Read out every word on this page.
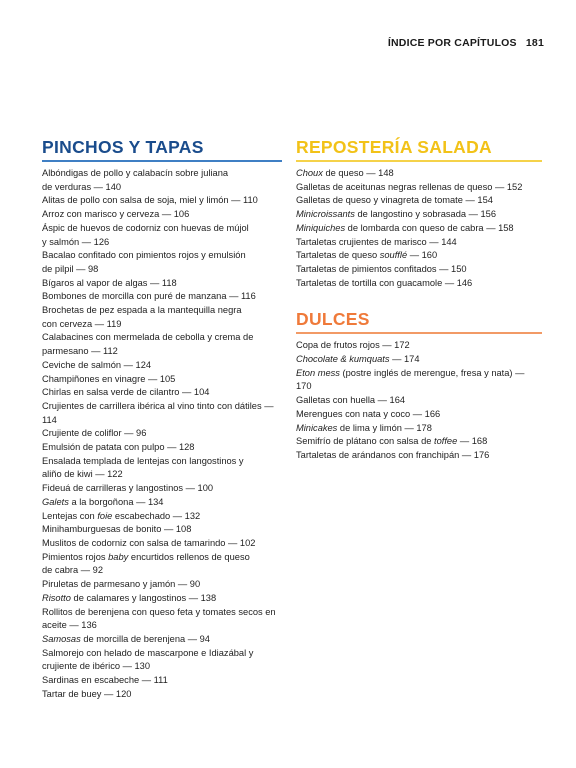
ÍNDICE POR CAPÍTULOS 181
PINCHOS Y TAPAS
Albóndigas de pollo y calabacín sobre juliana
de verduras — 140
Alitas de pollo con salsa de soja, miel y limón — 110
Arroz con marisco y cerveza — 106
Áspic de huevos de codorniz con huevas de mújol
y salmón — 126
Bacalao confitado con pimientos rojos y emulsión
de pilpil — 98
Bígaros al vapor de algas — 118
Bombones de morcilla con puré de manzana — 116
Brochetas de pez espada a la mantequilla negra
con cerveza — 119
Calabacines con mermelada de cebolla y crema de
parmesano — 112
Ceviche de salmón — 124
Champiñones en vinagre — 105
Chirlas en salsa verde de cilantro — 104
Crujientes de carrillera ibérica al vino tinto con dátiles — 114
Crujiente de coliflor — 96
Emulsión de patata con pulpo — 128
Ensalada templada de lentejas con langostinos y
aliño de kiwi — 122
Fideuá de carrilleras y langostinos — 100
Galets a la borgoñona — 134
Lentejas con foie escabechado — 132
Minihamburguesas de bonito — 108
Muslitos de codorniz con salsa de tamarindo — 102
Pimientos rojos baby encurtidos rellenos de queso
de cabra — 92
Piruletas de parmesano y jamón — 90
Risotto de calamares y langostinos — 138
Rollitos de berenjena con queso feta y tomates secos en
aceite — 136
Samosas de morcilla de berenjena — 94
Salmorejo con helado de mascarpone e Idiazábal y
crujiente de ibérico — 130
Sardinas en escabeche — 111
Tartar de buey — 120
REPOSTERÍA SALADA
Choux de queso — 148
Galletas de aceitunas negras rellenas de queso — 152
Galletas de queso y vinagreta de tomate — 154
Minicroissants de langostino y sobrasada — 156
Miniquiches de lombarda con queso de cabra — 158
Tartaletas crujientes de marisco — 144
Tartaletas de queso soufflé — 160
Tartaletas de pimientos confitados — 150
Tartaletas de tortilla con guacamole — 146
DULCES
Copa de frutos rojos — 172
Chocolate & kumquats — 174
Eton mess (postre inglés de merengue, fresa y nata) — 170
Galletas con huella — 164
Merengues con nata y coco — 166
Minicakes de lima y limón — 178
Semifrío de plátano con salsa de toffee — 168
Tartaletas de arándanos con franchipán — 176
